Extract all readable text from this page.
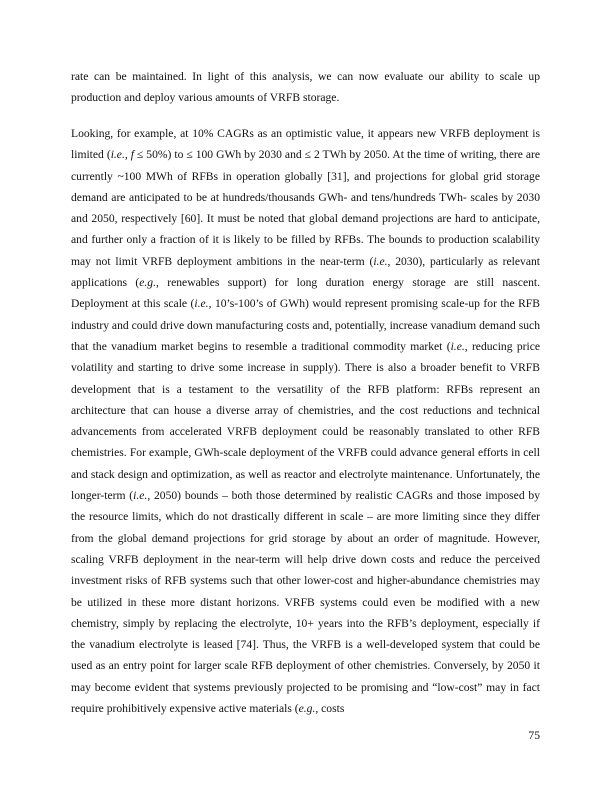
rate can be maintained. In light of this analysis, we can now evaluate our ability to scale up production and deploy various amounts of VRFB storage.

Looking, for example, at 10% CAGRs as an optimistic value, it appears new VRFB deployment is limited (i.e., f ≤ 50%) to ≤ 100 GWh by 2030 and ≤ 2 TWh by 2050. At the time of writing, there are currently ~100 MWh of RFBs in operation globally [31], and projections for global grid storage demand are anticipated to be at hundreds/thousands GWh- and tens/hundreds TWh- scales by 2030 and 2050, respectively [60]. It must be noted that global demand projections are hard to anticipate, and further only a fraction of it is likely to be filled by RFBs. The bounds to production scalability may not limit VRFB deployment ambitions in the near-term (i.e., 2030), particularly as relevant applications (e.g., renewables support) for long duration energy storage are still nascent. Deployment at this scale (i.e., 10’s-100’s of GWh) would represent promising scale-up for the RFB industry and could drive down manufacturing costs and, potentially, increase vanadium demand such that the vanadium market begins to resemble a traditional commodity market (i.e., reducing price volatility and starting to drive some increase in supply). There is also a broader benefit to VRFB development that is a testament to the versatility of the RFB platform: RFBs represent an architecture that can house a diverse array of chemistries, and the cost reductions and technical advancements from accelerated VRFB deployment could be reasonably translated to other RFB chemistries. For example, GWh-scale deployment of the VRFB could advance general efforts in cell and stack design and optimization, as well as reactor and electrolyte maintenance. Unfortunately, the longer-term (i.e., 2050) bounds – both those determined by realistic CAGRs and those imposed by the resource limits, which do not drastically different in scale – are more limiting since they differ from the global demand projections for grid storage by about an order of magnitude. However, scaling VRFB deployment in the near-term will help drive down costs and reduce the perceived investment risks of RFB systems such that other lower-cost and higher-abundance chemistries may be utilized in these more distant horizons. VRFB systems could even be modified with a new chemistry, simply by replacing the electrolyte, 10+ years into the RFB’s deployment, especially if the vanadium electrolyte is leased [74]. Thus, the VRFB is a well-developed system that could be used as an entry point for larger scale RFB deployment of other chemistries. Conversely, by 2050 it may become evident that systems previously projected to be promising and “low-cost” may in fact require prohibitively expensive active materials (e.g., costs

75
